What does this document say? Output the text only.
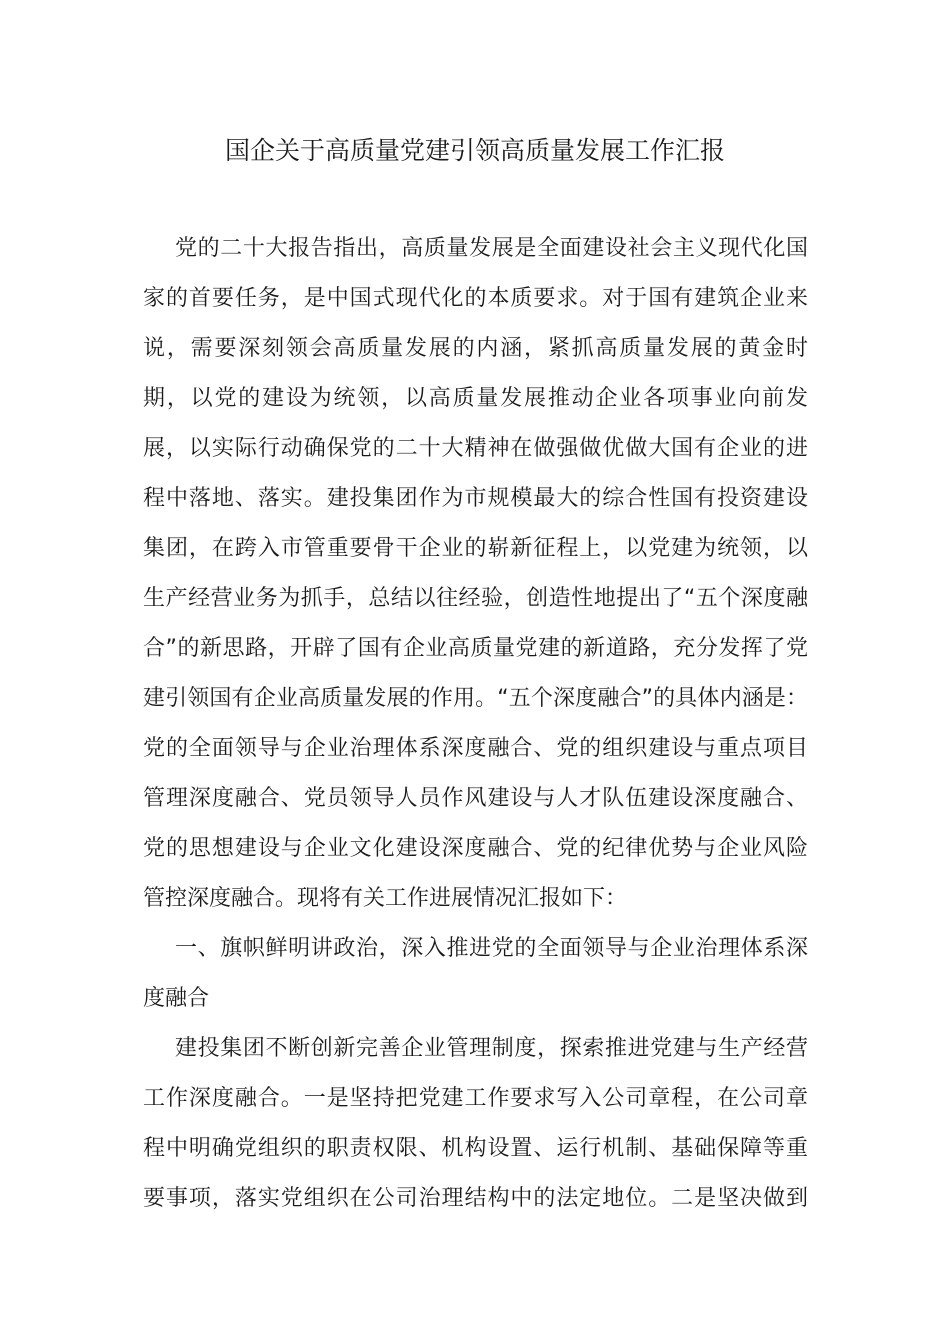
国企关于高质量党建引领高质量发展工作汇报
党的二十大报告指出，高质量发展是全面建设社会主义现代化国
家的首要任务，是中国式现代化的本质要求。对于国有建筑企业来
说，需要深刻领会高质量发展的内涵，紧抓高质量发展的黄金时
期，以党的建设为统领，以高质量发展推动企业各项事业向前发
展，以实际行动确保党的二十大精神在做强做优做大国有企业的进
程中落地、落实。建投集团作为市规模最大的综合性国有投资建设
集团，在跨入市管重要骨干企业的崭新征程上，以党建为统领，以
生产经营业务为抓手，总结以往经验，创造性地提出了“五个深度融
合”的新思路，开辟了国有企业高质量党建的新道路，充分发挥了党
建引领国有企业高质量发展的作用。“五个深度融合”的具体内涵是：
党的全面领导与企业治理体系深度融合、党的组织建设与重点项目
管理深度融合、党员领导人员作风建设与人才队伍建设深度融合、
党的思想建设与企业文化建设深度融合、党的纪律优势与企业风险
管控深度融合。现将有关工作进展情况汇报如下：
一、旗帜鲜明讲政治，深入推进党的全面领导与企业治理体系深
度融合
建投集团不断创新完善企业管理制度，探索推进党建与生产经营
工作深度融合。一是坚持把党建工作要求写入公司章程，在公司章
程中明确党组织的职责权限、机构设置、运行机制、基础保障等重
要事项，落实党组织在公司治理结构中的法定地位。二是坚决做到
